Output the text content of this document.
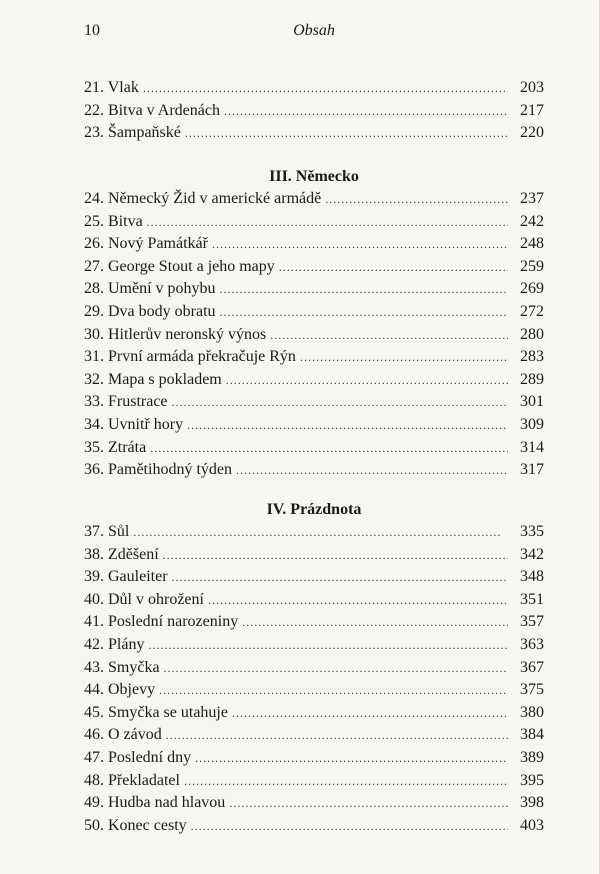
10	Obsah
21. Vlak . . .	203
22. Bitva v Ardenách . . .	217
23. Šampaňské . . .	220
III. Německo
24. Německý Žid v americké armádě . . .	237
25. Bitva . . .	242
26. Nový Památkář . . .	248
27. George Stout a jeho mapy . . .	259
28. Umění v pohybu . . .	269
29. Dva body obratu . . .	272
30. Hitlerův neronský výnos . . .	280
31. První armáda překračuje Rýn . . .	283
32. Mapa s pokladem . . .	289
33. Frustrace . . .	301
34. Uvnitř hory . . .	309
35. Ztráta . . .	314
36. Pamětihodný týden . . .	317
IV. Prázdnota
37. Sůl . . .	335
38. Zděšení . . .	342
39. Gauleiter . . .	348
40. Důl v ohrožení . . .	351
41. Poslední narozeniny . . .	357
42. Plány . . .	363
43. Smyčka . . .	367
44. Objevy . . .	375
45. Smyčka se utahuje . . .	380
46. O závod . . .	384
47. Poslední dny . . .	389
48. Překladatel . . .	395
49. Hudba nad hlavou . . .	398
50. Konec cesty . . .	403
